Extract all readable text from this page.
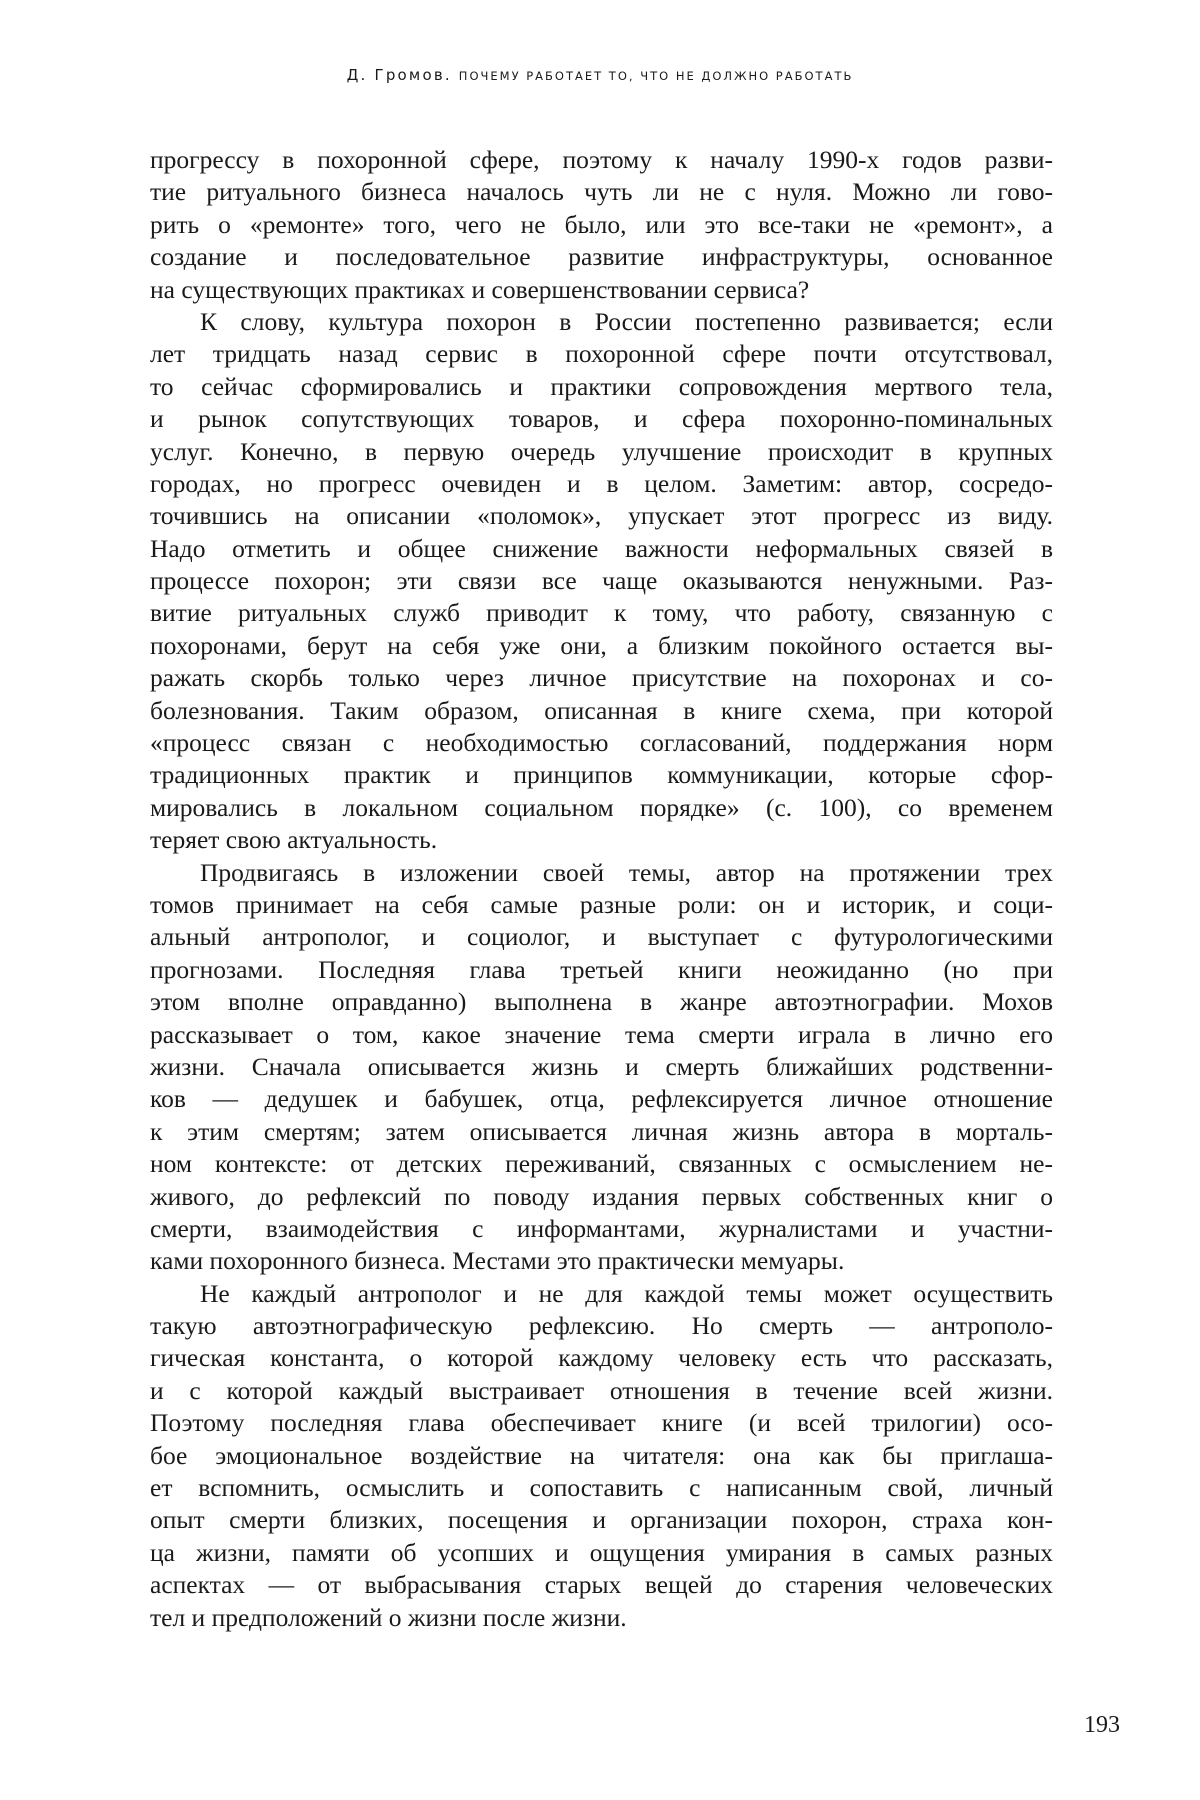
Д. Громов. ПОЧЕМУ РАБОТАЕТ ТО, ЧТО НЕ ДОЛЖНО РАБОТАТЬ
прогрессу в похоронной сфере, поэтому к началу 1990-х годов разви-
тие ритуального бизнеса началось чуть ли не с нуля. Можно ли гово-
рить о «ремонте» того, чего не было, или это все-таки не «ремонт», а
создание и последовательное развитие инфраструктуры, основанное
на существующих практиках и совершенствовании сервиса?
К слову, культура похорон в России постепенно развивается; если
лет тридцать назад сервис в похоронной сфере почти отсутствовал,
то сейчас сформировались и практики сопровождения мертвого тела,
и рынок сопутствующих товаров, и сфера похоронно-поминальных
услуг. Конечно, в первую очередь улучшение происходит в крупных
городах, но прогресс очевиден и в целом. Заметим: автор, сосредо-
точившись на описании «поломок», упускает этот прогресс из виду.
Надо отметить и общее снижение важности неформальных связей в
процессе похорон; эти связи все чаще оказываются ненужными. Раз-
витие ритуальных служб приводит к тому, что работу, связанную с
похоронами, берут на себя уже они, а близким покойного остается вы-
ражать скорбь только через личное присутствие на похоронах и со-
болезнования. Таким образом, описанная в книге схема, при которой
«процесс связан с необходимостью согласований, поддержания норм
традиционных практик и принципов коммуникации, которые сфор-
мировались в локальном социальном порядке» (с. 100), со временем
теряет свою актуальность.
Продвигаясь в изложении своей темы, автор на протяжении трех
томов принимает на себя самые разные роли: он и историк, и соци-
альный антрополог, и социолог, и выступает с футурологическими
прогнозами. Последняя глава третьей книги неожиданно (но при
этом вполне оправданно) выполнена в жанре автоэтнографии. Мохов
рассказывает о том, какое значение тема смерти играла в лично его
жизни. Сначала описывается жизнь и смерть ближайших родственни-
ков — дедушек и бабушек, отца, рефлексируется личное отношение
к этим смертям; затем описывается личная жизнь автора в морталь-
ном контексте: от детских переживаний, связанных с осмыслением не-
живого, до рефлексий по поводу издания первых собственных книг о
смерти, взаимодействия с информантами, журналистами и участни-
ками похоронного бизнеса. Местами это практически мемуары.
Не каждый антрополог и не для каждой темы может осуществить
такую автоэтнографическую рефлексию. Но смерть — антрополо-
гическая константа, о которой каждому человеку есть что рассказать,
и с которой каждый выстраивает отношения в течение всей жизни.
Поэтому последняя глава обеспечивает книге (и всей трилогии) осо-
бое эмоциональное воздействие на читателя: она как бы приглаша-
ет вспомнить, осмыслить и сопоставить с написанным свой, личный
опыт смерти близких, посещения и организации похорон, страха кон-
ца жизни, памяти об усопших и ощущения умирания в самых разных
аспектах — от выбрасывания старых вещей до старения человеческих
тел и предположений о жизни после жизни.
193
